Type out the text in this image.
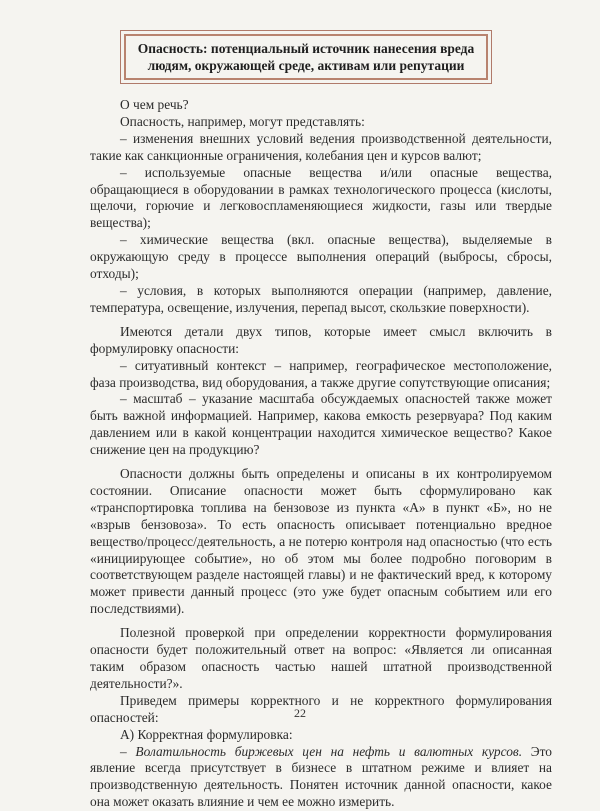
Опасность: потенциальный источник нанесения вреда
людям, окружающей среде, активам или репутации

О чем речь?

Опасность, например, могут представлять:

– изменения внешних условий ведения производственной деятельности, такие как санкционные ограничения, колебания цен и курсов валют;

– используемые опасные вещества и/или опасные вещества, обращающиеся в оборудовании в рамках технологического процесса (кислоты, щелочи, горючие и легковоспламеняющиеся жидкости, газы или твердые вещества);

– химические вещества (вкл. опасные вещества), выделяемые в окружающую среду в процессе выполнения операций (выбросы, сбросы, отходы);

– условия, в которых выполняются операции (например, давление, температура, освещение, излучения, перепад высот, скользкие поверхности).

Имеются детали двух типов, которые имеет смысл включить в формулировку опасности:

– ситуативный контекст – например, географическое местоположение, фаза производства, вид оборудования, а также другие сопутствующие описания;

– масштаб – указание масштаба обсуждаемых опасностей также может быть важной информацией. Например, какова емкость резервуара? Под каким давлением или в какой концентрации находится химическое вещество? Какое снижение цен на продукцию?

Опасности должны быть определены и описаны в их контролируемом состоянии. Описание опасности может быть сформулировано как «транспортировка топлива на бензовозе из пункта «А» в пункт «Б», но не «взрыв бензовоза». То есть опасность описывает потенциально вредное вещество/процесс/деятельность, а не потерю контроля над опасностью (что есть «инициирующее событие», но об этом мы более подробно поговорим в соответствующем разделе настоящей главы) и не фактический вред, к которому может привести данный процесс (это уже будет опасным событием или его последствиями).

Полезной проверкой при определении корректности формулирования опасности будет положительный ответ на вопрос: «Является ли описанная таким образом опасность частью нашей штатной производственной деятельности?».

Приведем примеры корректного и не корректного формулирования опасностей:

А) Корректная формулировка:

– Волатильность биржевых цен на нефть и валютных курсов. Это явление всегда присутствует в бизнесе в штатном режиме и влияет на производственную деятельность. Понятен источник данной опасности, какое она может оказать влияние и чем ее можно измерить.

22
